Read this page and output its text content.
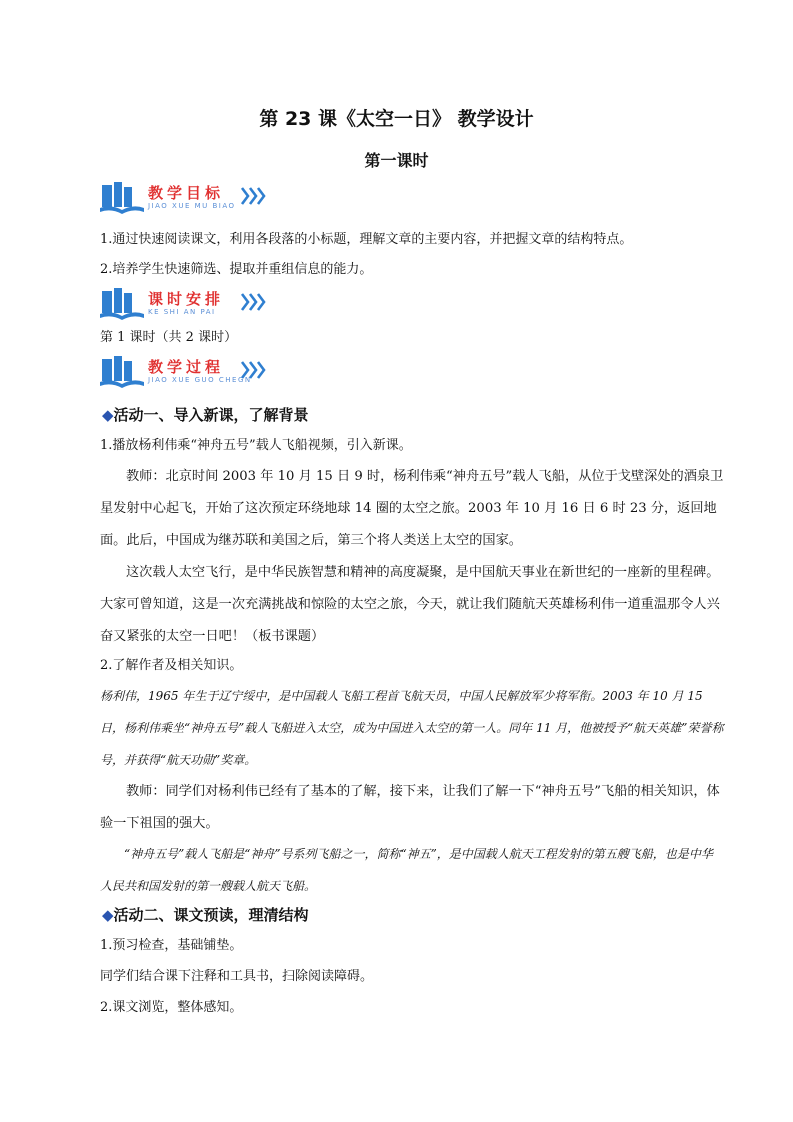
第 23 课《太空一日》 教学设计
第一课时
教学目标
JIAO XUE MU BIAO
1.通过快速阅读课文，利用各段落的小标题，理解文章的主要内容，并把握文章的结构特点。
2.培养学生快速筛选、提取并重组信息的能力。
课时安排
KE SHI AN PAI
第 1 课时（共 2 课时）
教学过程
JIAO XUE GUO CHEGN
◆活动一、导入新课，了解背景
1.播放杨利伟乘“神舟五号”载人飞船视频，引入新课。
教师：北京时间 2003 年 10 月 15 日 9 时，杨利伟乘“神舟五号”载人飞船，从位于戈壁深处的酒泉卫星发射中心起飞，开始了这次预定环绕地球 14 圈的太空之旅。2003 年 10 月 16 日 6 时 23 分，返回地面。此后，中国成为继苏联和美国之后，第三个将人类送上太空的国家。
这次载人太空飞行，是中华民族智慧和精神的高度凝聚，是中国航天事业在新世纪的一座新的里程碑。大家可曾知道，这是一次充满挑战和惊险的太空之旅，今天，就让我们随航天英雄杨利伟一道重温那令人兴奋又紧张的太空一日吧！（板书课题）
2.了解作者及相关知识。
杨利伟，1965 年生于辽宁绥中，是中国载人飞船工程首飞航天员，中国人民解放军少将军衔。2003 年 10 月 15 日，杨利伟乘坐“神舟五号”载人飞船进入太空，成为中国进入太空的第一人。同年 11 月，他被授予“航天英雄”荣誉称号，并获得“航天功勋”奖章。
教师：同学们对杨利伟已经有了基本的了解，接下来，让我们了解一下“神舟五号”飞船的相关知识，体验一下祖国的强大。
“神舟五号”载人飞船是“神舟”号系列飞船之一，简称“神五”，是中国载人航天工程发射的第五艘飞船，也是中华人民共和国发射的第一艘载人航天飞船。
◆活动二、课文预读，理清结构
1.预习检查，基础铺垫。
同学们结合课下注释和工具书，扫除阅读障碍。
2.课文浏览，整体感知。
